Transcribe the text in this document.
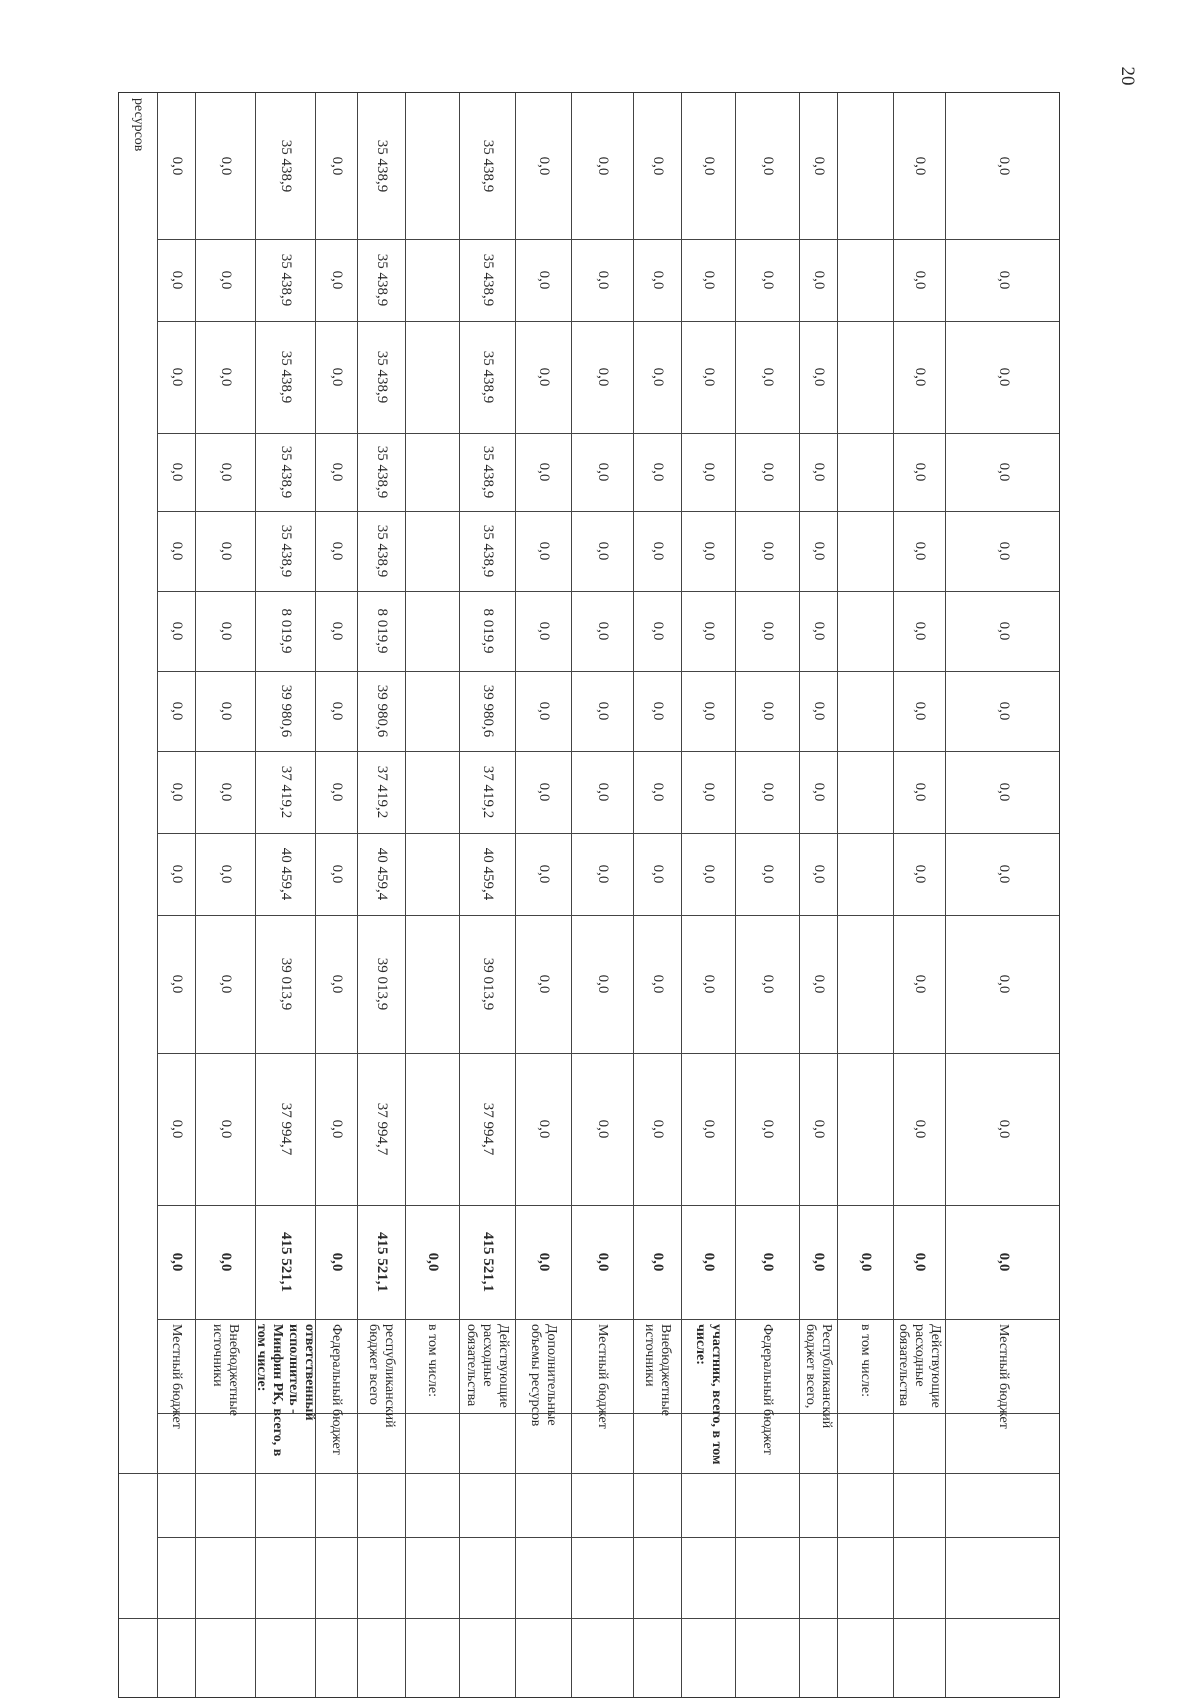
20
ресурсов
Местный бюджет
0,0
0,0
0,0
0,0
0,0
0,0
0,0
0,0
0,0
0,0
0,0
0,0
Внебюджетные источники
0,0
0,0
0,0
0,0
0,0
0,0
0,0
0,0
0,0
0,0
0,0
0,0
ответственный исполнитель - Минфин РК, всего, в том числе:
415 521,1
37 994,7
39 013,9
40 459,4
37 419,2
39 980,6
8 019,9
35 438,9
35 438,9
35 438,9
35 438,9
35 438,9
Федеральный бюджет
0,0
0,0
0,0
0,0
0,0
0,0
0,0
0,0
0,0
0,0
0,0
0,0
республиканский бюджет всего
415 521,1
37 994,7
39 013,9
40 459,4
37 419,2
39 980,6
8 019,9
35 438,9
35 438,9
35 438,9
35 438,9
35 438,9
в том числе:
0,0
Действующие расходные обязательства
415 521,1
37 994,7
39 013,9
40 459,4
37 419,2
39 980,6
8 019,9
35 438,9
35 438,9
35 438,9
35 438,9
35 438,9
Дополнительные объемы ресурсов
0,0
0,0
0,0
0,0
0,0
0,0
0,0
0,0
0,0
0,0
0,0
0,0
Местный бюджет
0,0
0,0
0,0
0,0
0,0
0,0
0,0
0,0
0,0
0,0
0,0
0,0
Внебюджетные источники
0,0
0,0
0,0
0,0
0,0
0,0
0,0
0,0
0,0
0,0
0,0
0,0
участник, всего, в том числе:
0,0
0,0
0,0
0,0
0,0
0,0
0,0
0,0
0,0
0,0
0,0
0,0
Федеральный бюджет
0,0
0,0
0,0
0,0
0,0
0,0
0,0
0,0
0,0
0,0
0,0
0,0
Республиканский бюджет всего,
0,0
0,0
0,0
0,0
0,0
0,0
0,0
0,0
0,0
0,0
0,0
0,0
в том числе:
0,0
Действующие расходные обязательства
0,0
0,0
0,0
0,0
0,0
0,0
0,0
0,0
0,0
0,0
0,0
0,0
Местный бюджет
0,0
0,0
0,0
0,0
0,0
0,0
0,0
0,0
0,0
0,0
0,0
0,0
